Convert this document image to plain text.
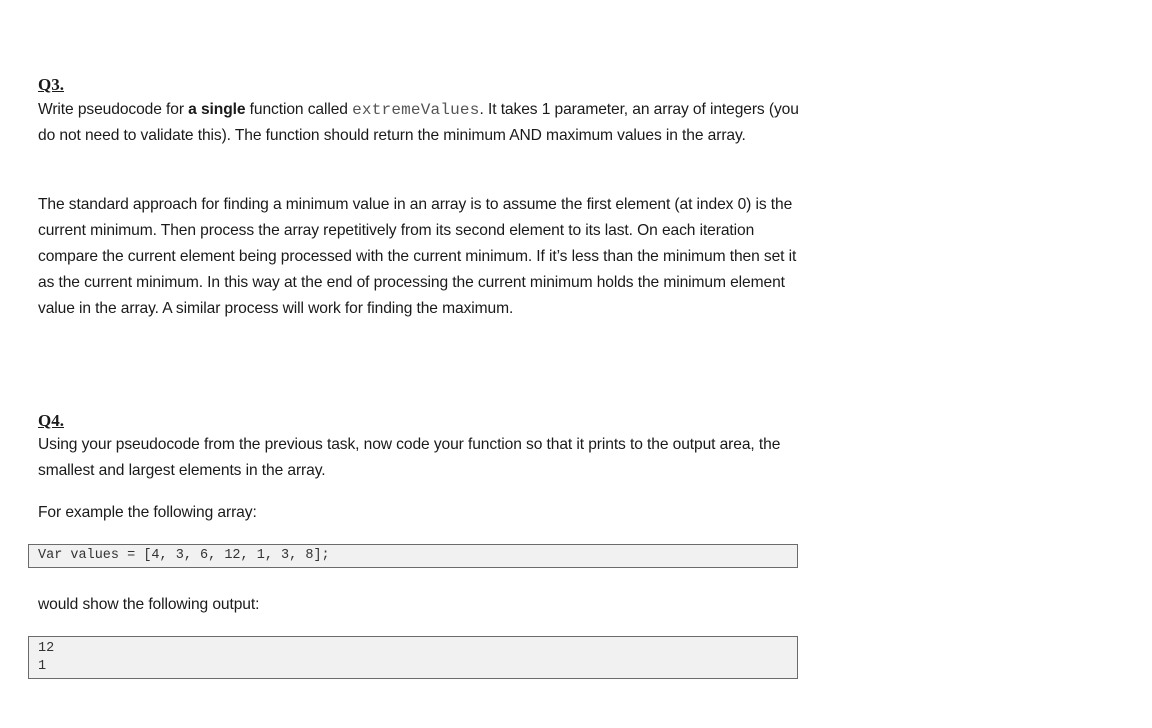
Q3.
Write pseudocode for a single function called extremeValues. It takes 1 parameter, an array of integers (you do not need to validate this). The function should return the minimum AND maximum values in the array.
The standard approach for finding a minimum value in an array is to assume the first element (at index 0) is the current minimum. Then process the array repetitively from its second element to its last. On each iteration compare the current element being processed with the current minimum. If it’s less than the minimum then set it as the current minimum. In this way at the end of processing the current minimum holds the minimum element value in the array. A similar process will work for finding the maximum.
Q4.
Using your pseudocode from the previous task, now code your function so that it prints to the output area, the smallest and largest elements in the array.
For example the following array:
would show the following output:
Var values = [4, 3, 6, 12, 1, 3, 8];
12
1
